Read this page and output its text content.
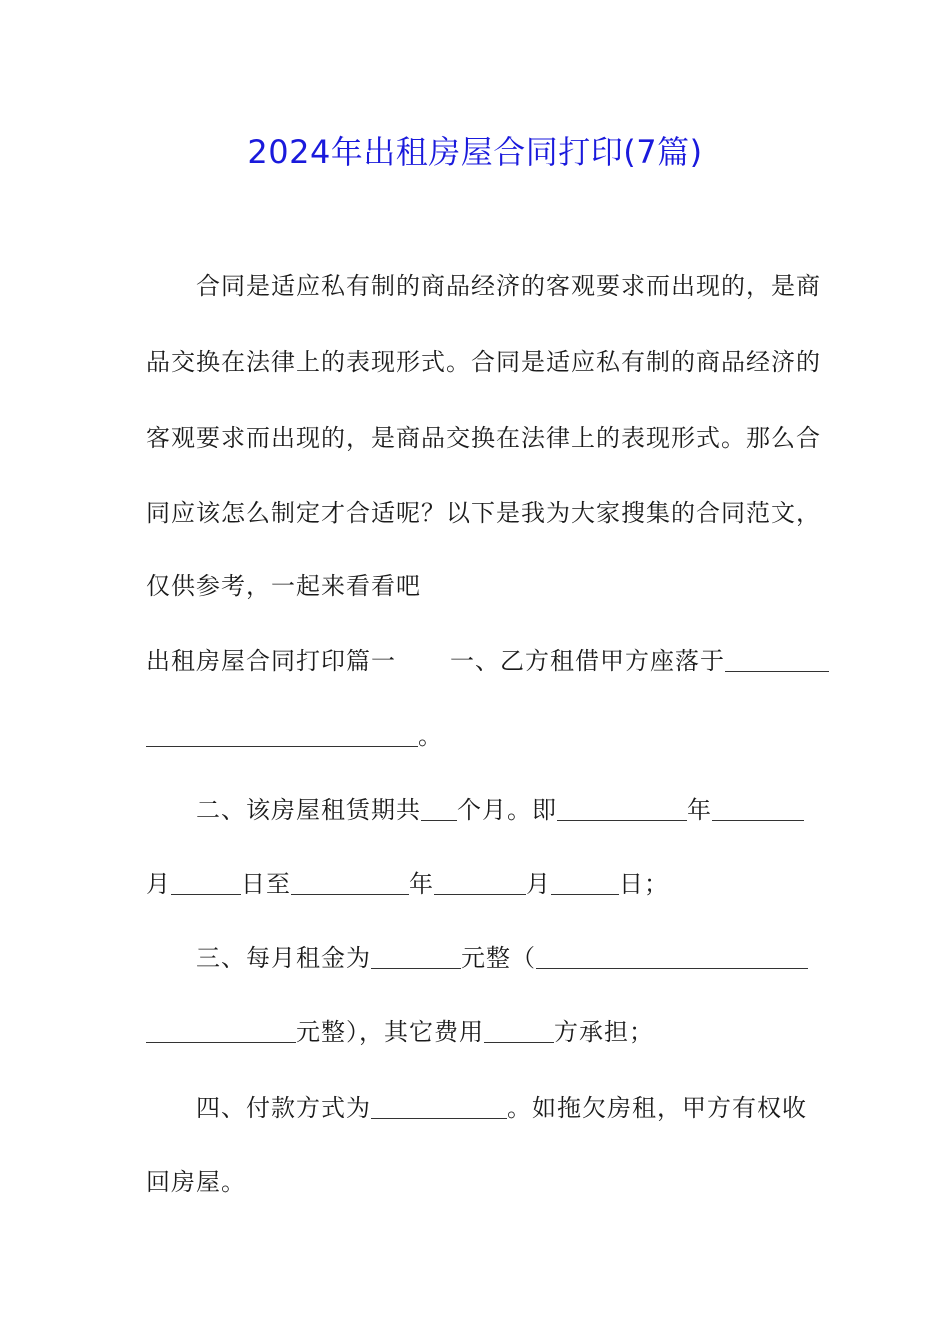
2024年出租房屋合同打印(7篇)
合同是适应私有制的商品经济的客观要求而出现的，是商
品交换在法律上的表现形式。合同是适应私有制的商品经济的
客观要求而出现的，是商品交换在法律上的表现形式。那么合
同应该怎么制定才合适呢？以下是我为大家搜集的合同范文，
仅供参考，一起来看看吧
出租房屋合同打印篇一 一、乙方租借甲方座落于
。
二、该房屋租赁期共 个月。即	年
月	日至	年	月	日；
三、每月租金为	元整（
元整），其它费用	方承担；
四、付款方式为	。如拖欠房租，甲方有权收
回房屋。
